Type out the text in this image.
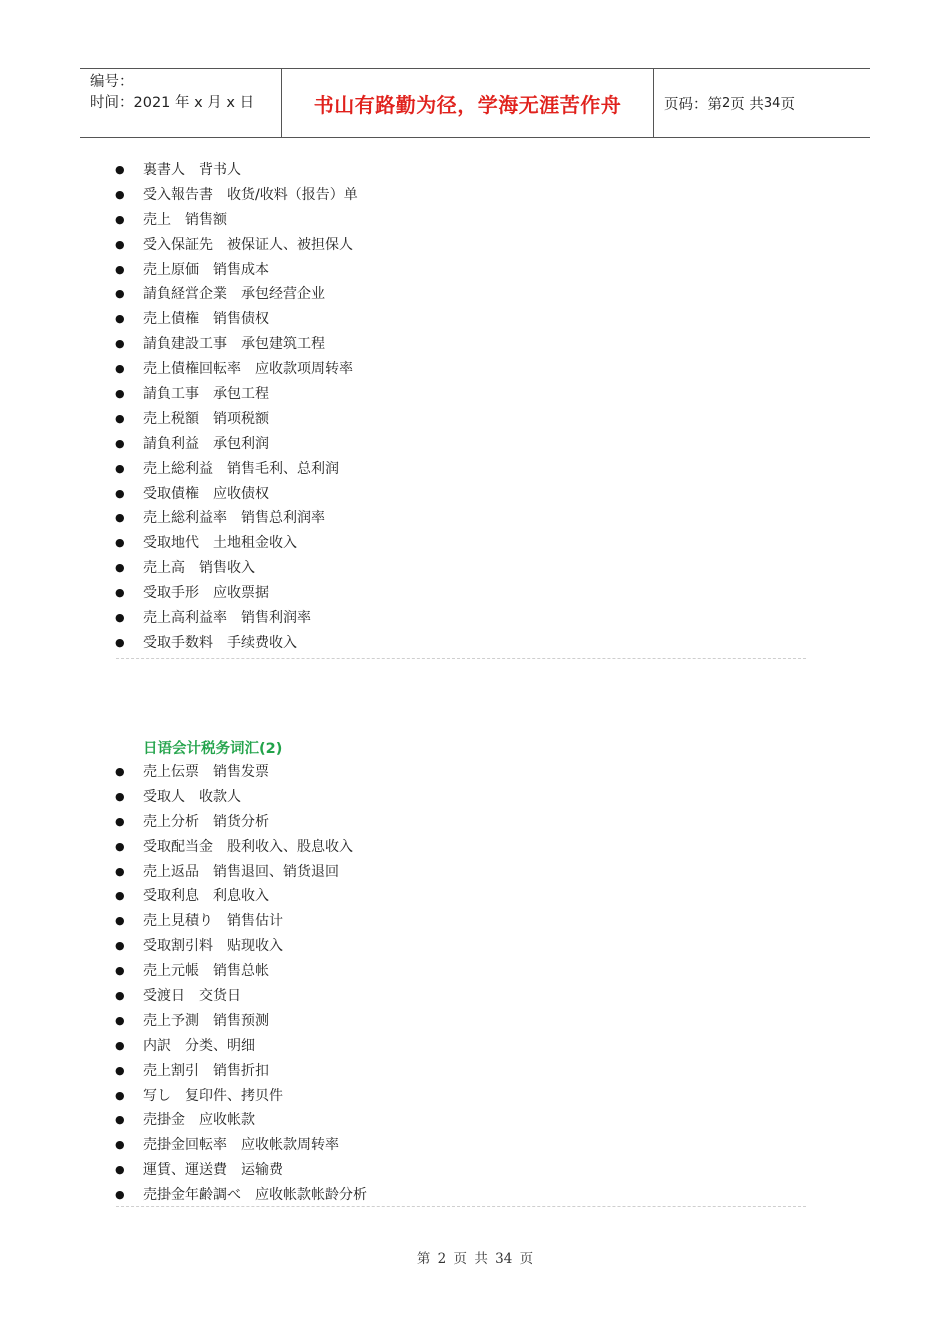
编号：
时间：2021 年 x 月 x 日	书山有路勤为径，学海无涯苦作舟	页码：第 2 页 共 34 页
● 裏書人 背书人
● 受入報告書 收货/收料（报告）单
● 売上 销售额
● 受入保証先 被保证人、被担保人
● 売上原価 销售成本
● 請負経営企業 承包经营企业
● 売上債権 销售债权
● 請負建設工事 承包建筑工程
● 売上債権回転率 应收款项周转率
● 請負工事 承包工程
● 売上税額 销项税额
● 請負利益 承包利润
● 売上総利益 销售毛利、总利润
● 受取債権 应收债权
● 売上総利益率 销售总利润率
● 受取地代 土地租金收入
● 売上高 销售收入
● 受取手形 应收票据
● 売上高利益率 销售利润率
● 受取手数料 手续费收入
日语会计税务词汇(2)
● 売上伝票 销售发票
● 受取人 收款人
● 売上分析 销货分析
● 受取配当金 股利收入、股息收入
● 売上返品 销售退回、销货退回
● 受取利息 利息收入
● 売上見積り 销售估计
● 受取割引料 贴现收入
● 売上元帳 销售总帐
● 受渡日 交货日
● 売上予測 销售预测
● 内訳 分类、明细
● 売上割引 销售折扣
● 写し 复印件、拷贝件
● 売掛金 应收帐款
● 売掛金回転率 应收帐款周转率
● 運賃、運送費 运输费
● 売掛金年齢調べ 应收帐款帐龄分析
第 2 页 共 34 页
